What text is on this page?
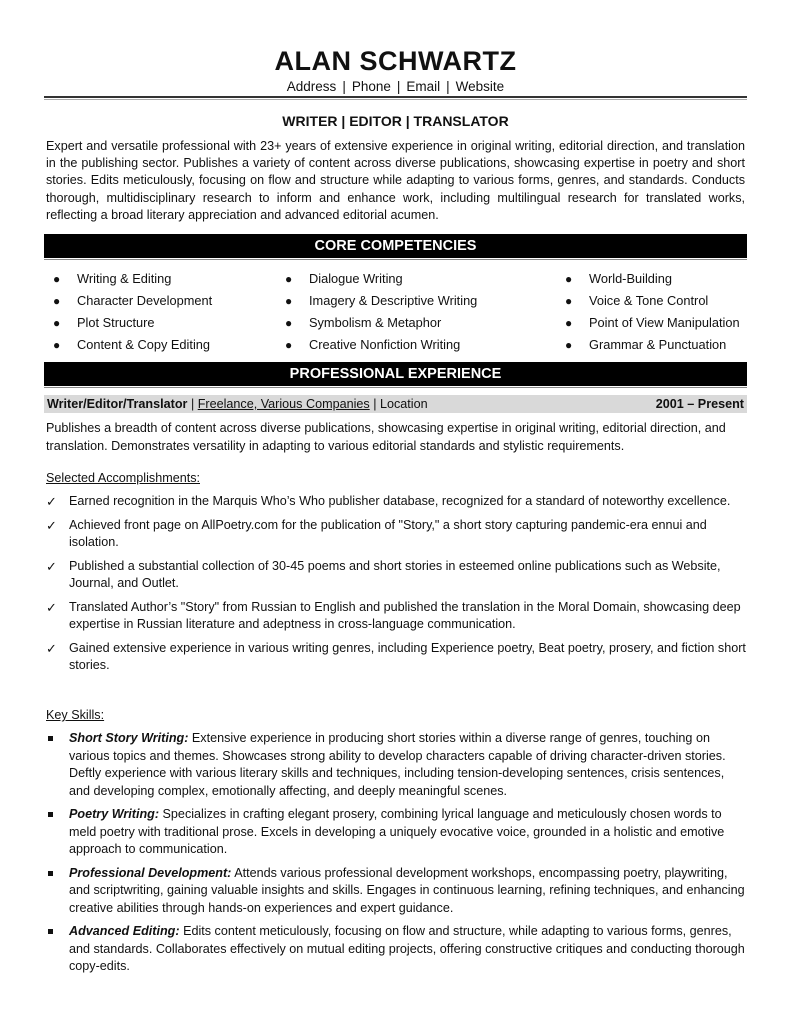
ALAN SCHWARTZ
Address | Phone | Email | Website
WRITER | EDITOR | TRANSLATOR
Expert and versatile professional with 23+ years of extensive experience in original writing, editorial direction, and translation in the publishing sector. Publishes a variety of content across diverse publications, showcasing expertise in poetry and short stories. Edits meticulously, focusing on flow and structure while adapting to various forms, genres, and standards. Conducts thorough, multidisciplinary research to inform and enhance work, including multilingual research for translated works, reflecting a broad literary appreciation and advanced editorial acumen.
CORE COMPETENCIES
● Writing & Editing
● Character Development
● Plot Structure
● Content & Copy Editing
● Dialogue Writing
● Imagery & Descriptive Writing
● Symbolism & Metaphor
● Creative Nonfiction Writing
● World-Building
● Voice & Tone Control
● Point of View Manipulation
● Grammar & Punctuation
PROFESSIONAL EXPERIENCE
Writer/Editor/Translator | Freelance, Various Companies | Location	2001 – Present
Publishes a breadth of content across diverse publications, showcasing expertise in original writing, editorial direction, and translation. Demonstrates versatility in adapting to various editorial standards and stylistic requirements.
Selected Accomplishments:
✓ Earned recognition in the Marquis Who’s Who publisher database, recognized for a standard of noteworthy excellence.
✓ Achieved front page on AllPoetry.com for the publication of "Story," a short story capturing pandemic-era ennui and isolation.
✓ Published a substantial collection of 30-45 poems and short stories in esteemed online publications such as Website, Journal, and Outlet.
✓ Translated Author’s "Story" from Russian to English and published the translation in the Moral Domain, showcasing deep expertise in Russian literature and adeptness in cross-language communication.
✓ Gained extensive experience in various writing genres, including Experience poetry, Beat poetry, prosery, and fiction short stories.
Key Skills:
Short Story Writing: Extensive experience in producing short stories within a diverse range of genres, touching on various topics and themes. Showcases strong ability to develop characters capable of driving character-driven stories. Deftly experience with various literary skills and techniques, including tension-developing sentences, crisis sentences, and developing complex, emotionally affecting, and deeply meaningful scenes.
Poetry Writing: Specializes in crafting elegant prosery, combining lyrical language and meticulously chosen words to meld poetry with traditional prose. Excels in developing a uniquely evocative voice, grounded in a holistic and emotive approach to communication.
Professional Development: Attends various professional development workshops, encompassing poetry, playwriting, and scriptwriting, gaining valuable insights and skills. Engages in continuous learning, refining techniques, and enhancing creative abilities through hands-on experiences and expert guidance.
Advanced Editing: Edits content meticulously, focusing on flow and structure, while adapting to various forms, genres, and standards. Collaborates effectively on mutual editing projects, offering constructive critiques and conducting thorough copy-edits.
